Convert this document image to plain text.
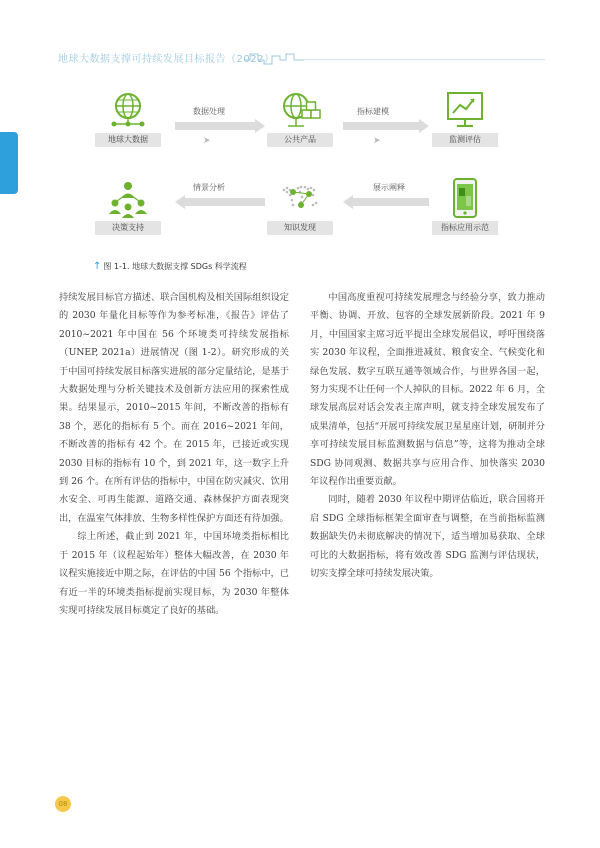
地球大数据支撑可持续发展目标报告（2022）
地球大数据	公共产品	监测评估
指标应用示范
知识发现
决策支持
数据处理
➤
指标建模
➤
展示阐释
情景分析
↑ 图 1-1. 地球大数据支撑 SDGs 科学流程

持续发展目标官方描述、联合国机构及相关国际组织设定的 2030 年量化目标等作为参考标准，《报告》评估了 2010~2021 年中国在 56 个环境类可持续发展指标（UNEP, 2021a）进展情况（图 1-2）。研究形成的关于中国可持续发展目标落实进展的部分定量结论，是基于大数据处理与分析关键技术及创新方法应用的探索性成果。结果显示，2010~2015 年间，不断改善的指标有 38 个，恶化的指标有 5 个。而在 2016~2021 年间，不断改善的指标有 42 个。在 2015 年，已接近或实现 2030 目标的指标有 10 个，到 2021 年，这一数字上升到 26 个。在所有评估的指标中，中国在防灾减灾、饮用水安全、可再生能源、道路交通、森林保护方面表现突出，在温室气体排放、生物多样性保护方面还有待加强。

综上所述，截止到 2021 年，中国环境类指标相比于 2015 年（议程起始年）整体大幅改善，在 2030 年议程实施接近中期之际，在评估的中国 56 个指标中，已有近一半的环境类指标提前实现目标，为 2030 年整体实现可持续发展目标奠定了良好的基础。

中国高度重视可持续发展理念与经验分享，致力推动平衡、协调、开放、包容的全球发展新阶段。2021 年 9 月，中国国家主席习近平提出全球发展倡议，呼吁围绕落实 2030 年议程，全面推进减贫、粮食安全、气候变化和绿色发展、数字互联互通等领域合作，与世界各国一起，努力实现不让任何一个人掉队的目标。2022 年 6 月，全球发展高层对话会发表主席声明，就支持全球发展发布了成果清单，包括“开展可持续发展卫星星座计划，研制并分享可持续发展目标监测数据与信息”等，这将为推动全球 SDG 协同观测、数据共享与应用合作、加快落实 2030 年议程作出重要贡献。

同时，随着 2030 年议程中期评估临近，联合国将开启 SDG 全球指标框架全面审查与调整，在当前指标监测数据缺失仍未彻底解决的情况下，适当增加易获取、全球可比的大数据指标，将有效改善 SDG 监测与评估现状，切实支撑全球可持续发展决策。

08
